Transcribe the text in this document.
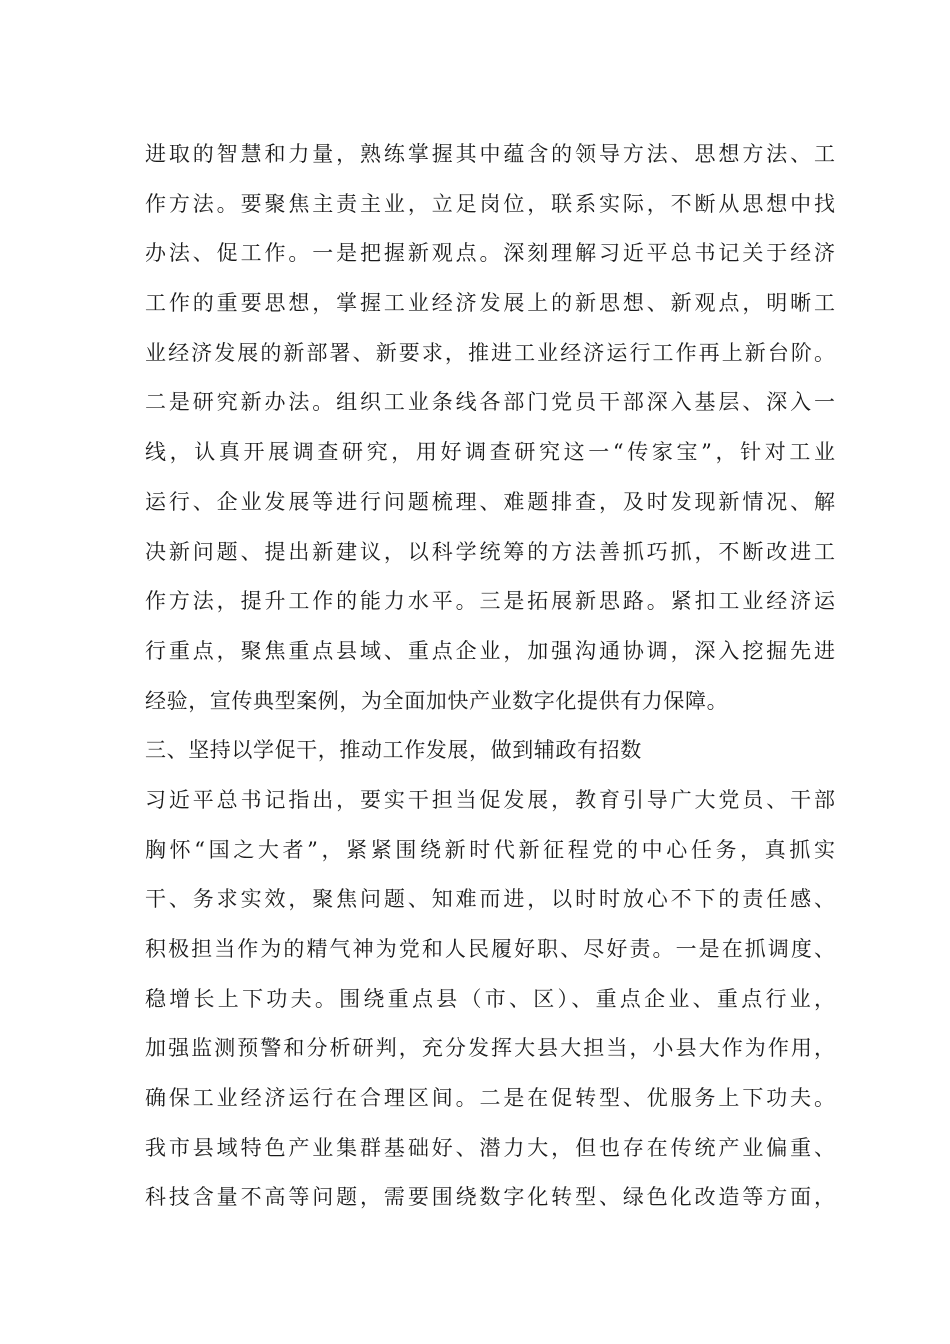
进取的智慧和力量，熟练掌握其中蕴含的领导方法、思想方法、工
作方法。要聚焦主责主业，立足岗位，联系实际，不断从思想中找
办法、促工作。一是把握新观点。深刻理解习近平总书记关于经济
工作的重要思想，掌握工业经济发展上的新思想、新观点，明晰工
业经济发展的新部署、新要求，推进工业经济运行工作再上新台阶。
二是研究新办法。组织工业条线各部门党员干部深入基层、深入一
线，认真开展调查研究，用好调查研究这一“传家宝”，针对工业
运行、企业发展等进行问题梳理、难题排查，及时发现新情况、解
决新问题、提出新建议，以科学统筹的方法善抓巧抓，不断改进工
作方法，提升工作的能力水平。三是拓展新思路。紧扣工业经济运
行重点，聚焦重点县域、重点企业，加强沟通协调，深入挖掘先进
经验，宣传典型案例，为全面加快产业数字化提供有力保障。
三、坚持以学促干，推动工作发展，做到辅政有招数
习近平总书记指出，要实干担当促发展，教育引导广大党员、干部
胸怀“国之大者”，紧紧围绕新时代新征程党的中心任务，真抓实
干、务求实效，聚焦问题、知难而进，以时时放心不下的责任感、
积极担当作为的精气神为党和人民履好职、尽好责。一是在抓调度、
稳增长上下功夫。围绕重点县（市、区）、重点企业、重点行业，
加强监测预警和分析研判，充分发挥大县大担当，小县大作为作用，
确保工业经济运行在合理区间。二是在促转型、优服务上下功夫。
我市县域特色产业集群基础好、潜力大，但也存在传统产业偏重、
科技含量不高等问题，需要围绕数字化转型、绿色化改造等方面，
